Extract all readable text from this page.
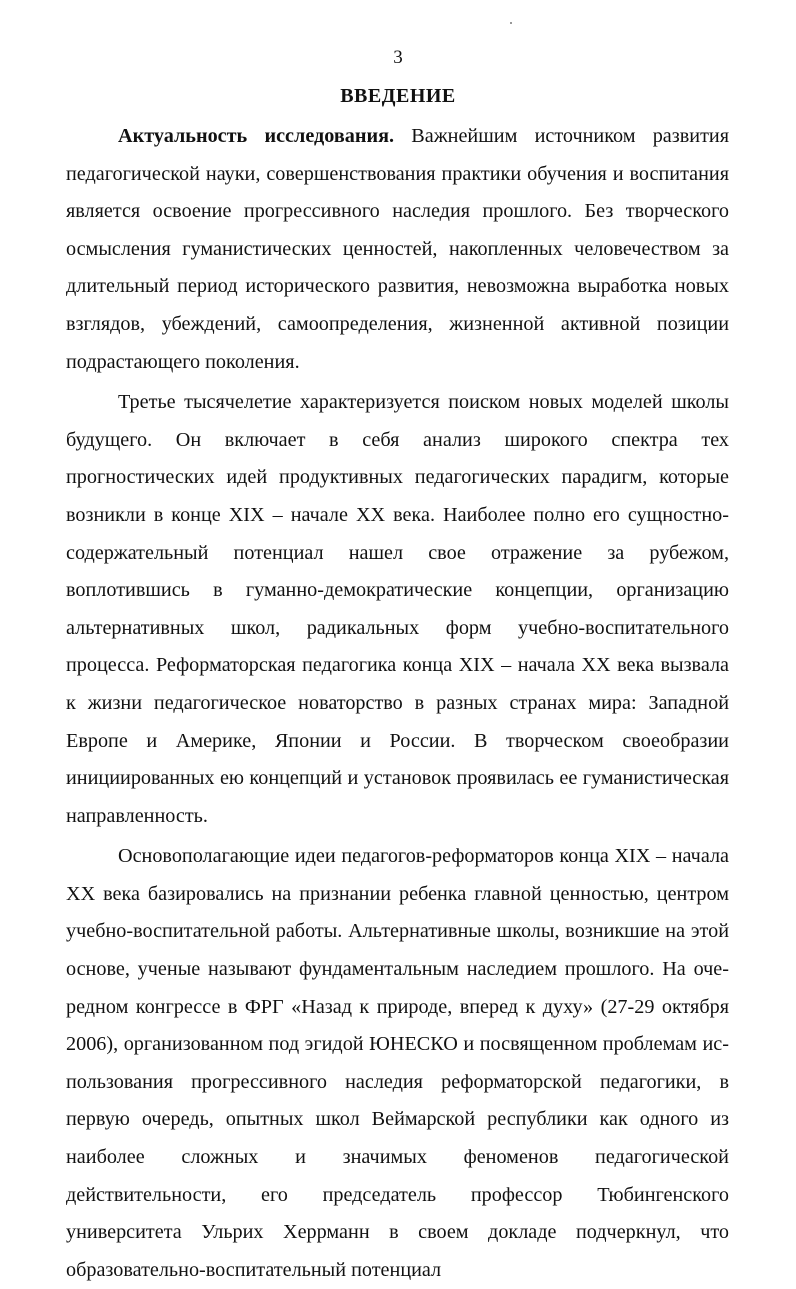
3
ВВЕДЕНИЕ

Актуальность исследования. Важнейшим источником развития педагогической науки, совершенствования практики обучения и воспитания является освоение прогрессивного наследия прошлого. Без творческого осмысления гуманистических ценностей, накопленных человечеством за длительный период исторического развития, невозможна выработка новых взглядов, убеждений, самоопределения, жизненной активной позиции подрастающего поколения.

Третье тысячелетие характеризуется поиском новых моделей школы будущего. Он включает в себя анализ широкого спектра тех прогностических идей продуктивных педагогических парадигм, которые возникли в конце XIX – начале XX века. Наиболее полно его сущностно-содержательный потенциал нашел свое отражение за рубежом, воплотившись в гуманно-демократические концепции, организацию альтернативных школ, радикальных форм учебно-воспитательного процесса. Реформаторская педагогика конца XIX – начала XX века вызвала к жизни педагогическое новаторство в разных странах мира: Западной Европе и Америке, Японии и России. В творческом своеобразии инициированных ею концепций и установок проявилась ее гуманистическая направленность.

Основополагающие идеи педагогов-реформаторов конца XIX – начала XX века базировались на признании ребенка главной ценностью, центром учебно-воспитательной работы. Альтернативные школы, возникшие на этой основе, ученые называют фундаментальным наследием прошлого. На очередном конгрессе в ФРГ «Назад к природе, вперед к духу» (27-29 октября 2006), организованном под эгидой ЮНЕСКО и посвященном проблемам использования прогрессивного наследия реформаторской педагогики, в первую очередь, опытных школ Веймарской республики как одного из наиболее сложных и значимых феноменов педагогической действительности, его председатель профессор Тюбингенского университета Ульрих Херрманн в своем докладе подчеркнул, что образовательно-воспитательный потенциал
